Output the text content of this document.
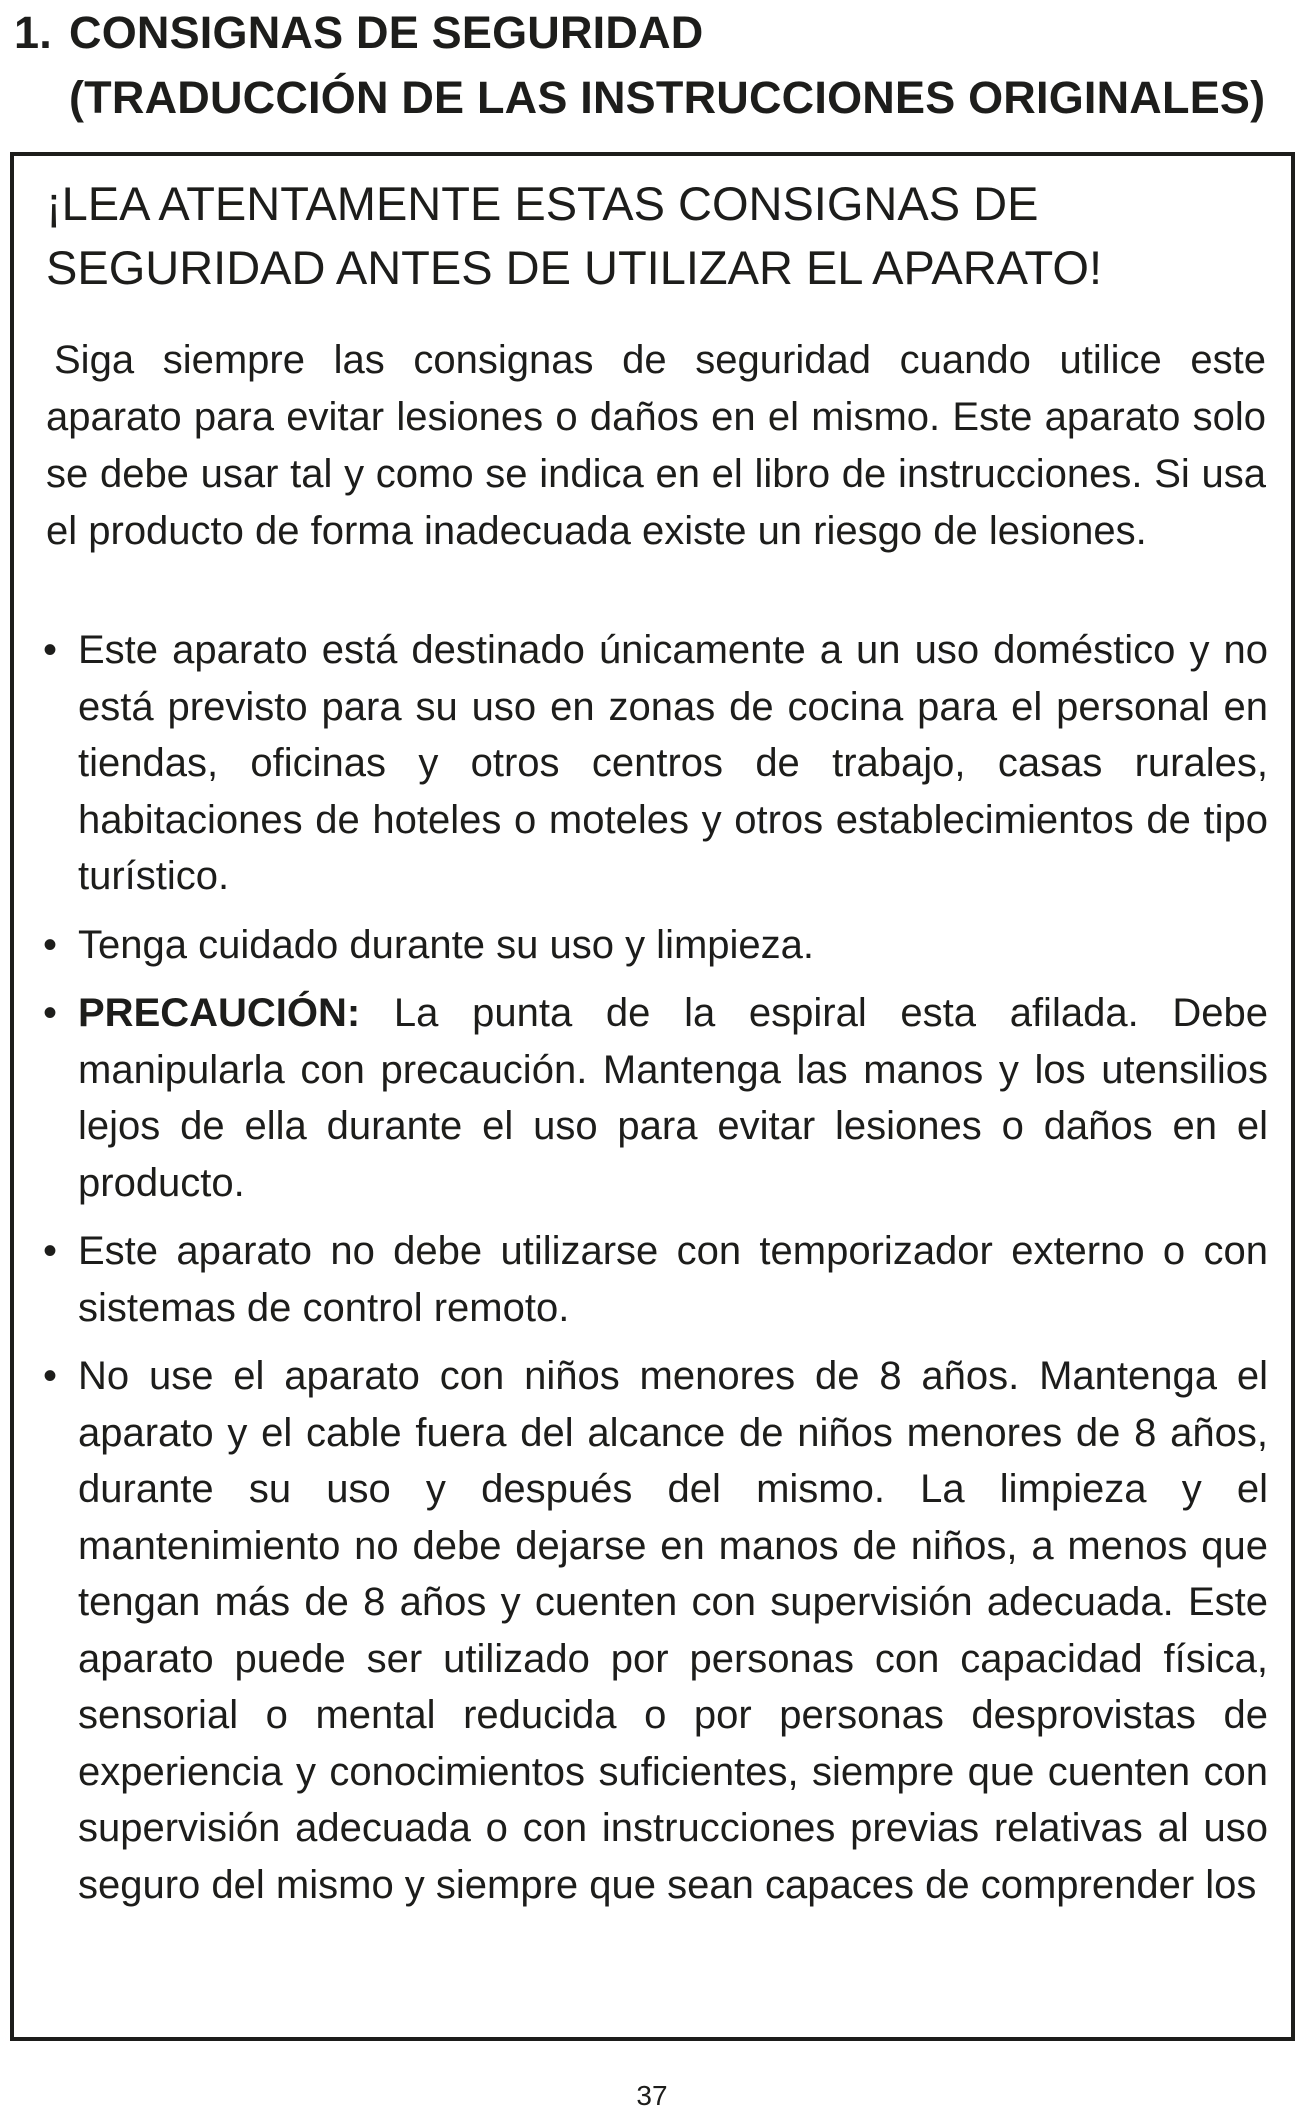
1. CONSIGNAS DE SEGURIDAD
(TRADUCCIÓN DE LAS INSTRUCCIONES ORIGINALES)
¡LEA ATENTAMENTE ESTAS CONSIGNAS DE SEGURIDAD ANTES DE UTILIZAR EL APARATO!
Siga siempre las consignas de seguridad cuando utilice este aparato para evitar lesiones o daños en el mismo. Este aparato solo se debe usar tal y como se indica en el libro de instrucciones. Si usa el producto de forma inadecuada existe un riesgo de lesiones.
• Este aparato está destinado únicamente a un uso doméstico y no está previsto para su uso en zonas de cocina para el personal en tiendas, oficinas y otros centros de trabajo, casas rurales, habitaciones de hoteles o moteles y otros establecimientos de tipo turístico.
• Tenga cuidado durante su uso y limpieza.
• PRECAUCIÓN: La punta de la espiral esta afilada. Debe manipularla con precaución. Mantenga las manos y los utensilios lejos de ella durante el uso para evitar lesiones o daños en el producto.
• Este aparato no debe utilizarse con temporizador externo o con sistemas de control remoto.
• No use el aparato con niños menores de 8 años. Mantenga el aparato y el cable fuera del alcance de niños menores de 8 años, durante su uso y después del mismo. La limpieza y el mantenimiento no debe dejarse en manos de niños, a menos que tengan más de 8 años y cuenten con supervisión adecuada. Este aparato puede ser utilizado por personas con capacidad física, sensorial o mental reducida o por personas desprovistas de experiencia y conocimientos suficientes, siempre que cuenten con supervisión adecuada o con instrucciones previas relativas al uso seguro del mismo y siempre que sean capaces de comprender los
37
